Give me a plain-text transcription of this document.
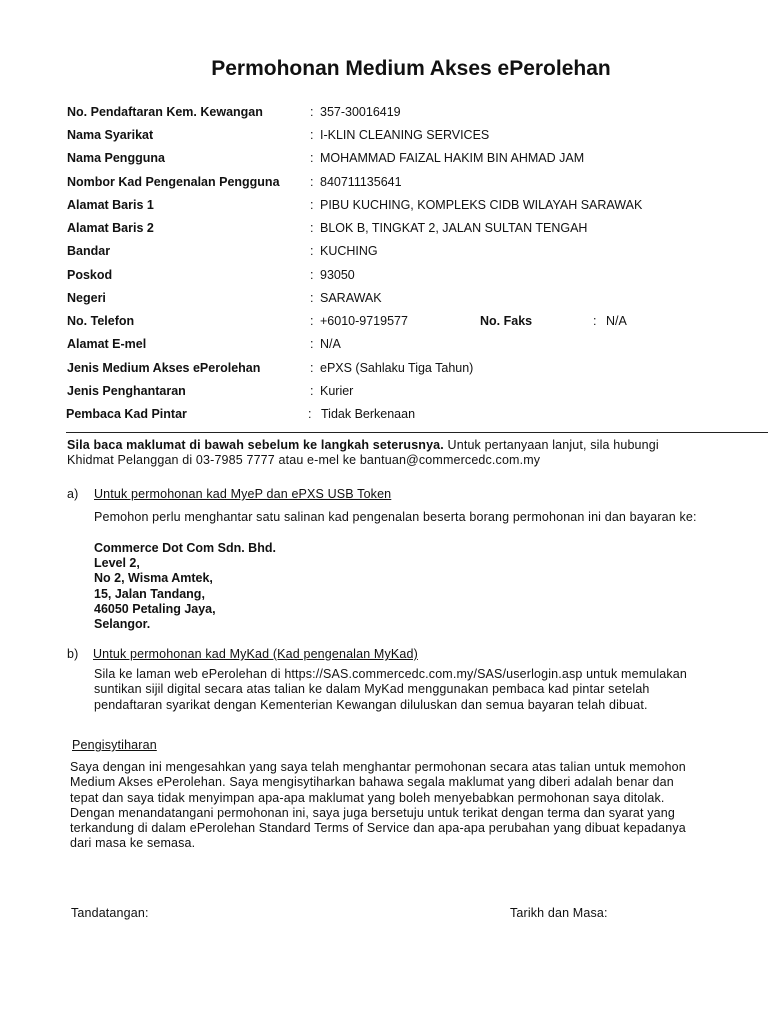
Permohonan Medium Akses ePerolehan
No. Pendaftaran Kem. Kewangan	: 357-30016419
Nama Syarikat	: I-KLIN CLEANING SERVICES
Nama Pengguna	: MOHAMMAD FAIZAL HAKIM BIN AHMAD JAM
Nombor Kad Pengenalan Pengguna : 840711135641
Alamat Baris 1	: PIBU KUCHING, KOMPLEKS CIDB WILAYAH SARAWAK
Alamat Baris 2	: BLOK B, TINGKAT 2, JALAN SULTAN TENGAH
Bandar	: KUCHING
Poskod	: 93050
Negeri	: SARAWAK
No. Telefon	: +6010-9719577	No. Faks	: N/A
Alamat E-mel	: N/A
Jenis Medium Akses ePerolehan	: ePXS (Sahlaku Tiga Tahun)
Jenis Penghantaran	: Kurier
Pembaca Kad Pintar	: Tidak Berkenaan
Sila baca maklumat di bawah sebelum ke langkah seterusnya. Untuk pertanyaan lanjut, sila hubungi
Khidmat Pelanggan di 03-7985 7777 atau e-mel ke bantuan@commercedc.com.my
a) Untuk permohonan kad MyeP dan ePXS USB Token
Pemohon perlu menghantar satu salinan kad pengenalan beserta borang permohonan ini dan bayaran ke:
Commerce Dot Com Sdn. Bhd.
Level 2,
No 2, Wisma Amtek,
15, Jalan Tandang,
46050 Petaling Jaya,
Selangor.
b) Untuk permohonan kad MyKad (Kad pengenalan MyKad)
Sila ke laman web ePerolehan di https://SAS.commercedc.com.my/SAS/userlogin.asp untuk memulakan
suntikan sijil digital secara atas talian ke dalam MyKad menggunakan pembaca kad pintar setelah
pendaftaran syarikat dengan Kementerian Kewangan diluluskan dan semua bayaran telah dibuat.
Pengisytiharan
Saya dengan ini mengesahkan yang saya telah menghantar permohonan secara atas talian untuk memohon
Medium Akses ePerolehan. Saya mengisytiharkan bahawa segala maklumat yang diberi adalah benar dan
tepat dan saya tidak menyimpan apa-apa maklumat yang boleh menyebabkan permohonan saya ditolak.
Dengan menandatangani permohonan ini, saya juga bersetuju untuk terikat dengan terma dan syarat yang
terkandung di dalam ePerolehan Standard Terms of Service dan apa-apa perubahan yang dibuat kepadanya
dari masa ke semasa.
Tandatangan:	Tarikh dan Masa:
